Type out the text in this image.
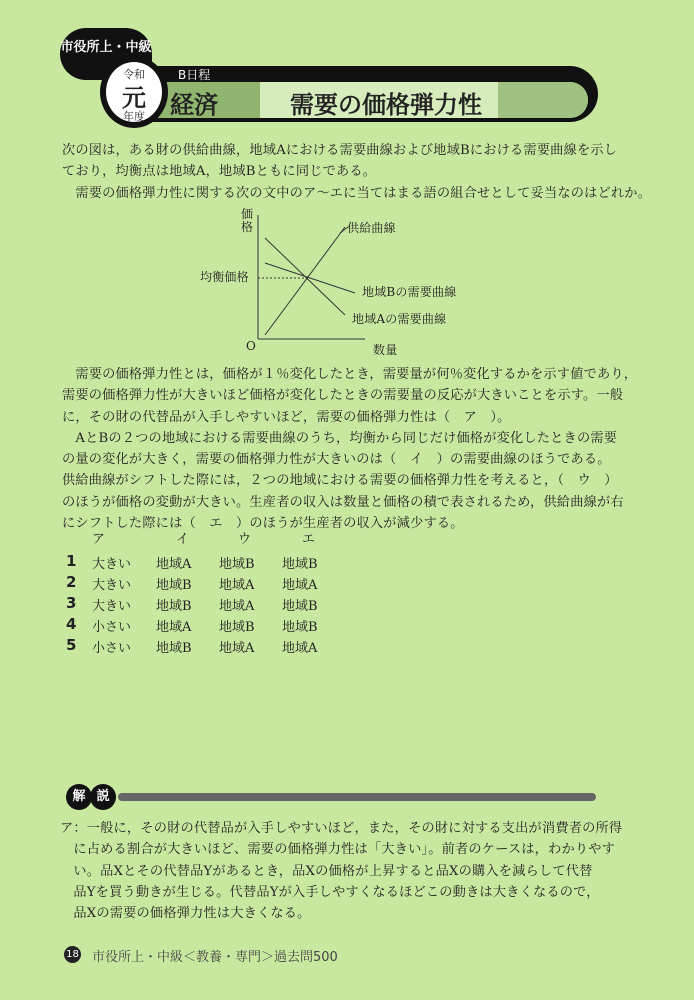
経済	需要の価格弾力性
B日程
市役所上・中級
令和
元
年度
次の図は，ある財の供給曲線，地域Aにおける需要曲線および地域Bにおける需要曲線を示し
ており，均衡点は地域A，地域Bともに同じである。
　需要の価格弾力性に関する次の文中のア～エに当てはまる語の組合せとして妥当なのはどれか。
価格	供給曲線
均衡価格
地域Bの需要曲線
地域Aの需要曲線
O	数量
　需要の価格弾力性とは，価格が１％変化したとき，需要量が何％変化するかを示す値であり，
需要の価格弾力性が大きいほど価格が変化したときの需要量の反応が大きいことを示す。一般
に，その財の代替品が入手しやすいほど，需要の価格弾力性は（　ア　）。
　AとBの２つの地域における需要曲線のうち，均衡から同じだけ価格が変化したときの需要
の量の変化が大きく，需要の価格弾力性が大きいのは（　イ　）の需要曲線のほうである。
供給曲線がシフトした際には，２つの地域における需要の価格弾力性を考えると，（　ウ　）
のほうが価格の変動が大きい。生産者の収入は数量と価格の積で表されるため，供給曲線が右
にシフトした際には（　エ　）のほうが生産者の収入が減少する。
ア	イ	ウ	エ
1 大きい 地域A 地域B 地域B
2 大きい 地域B 地域A 地域A
3 大きい 地域B 地域A 地域B
4 小さい 地域A 地域B 地域B
5 小さい 地域B 地域A 地域A
解 説
ア：一般に，その財の代替品が入手しやすいほど，また，その財に対する支出が消費者の所得
　に占める割合が大きいほど、需要の価格弾力性は「大きい」。前者のケースは，わかりやす
　い。品Xとその代替品Yがあるとき，品Xの価格が上昇すると品Xの購入を減らして代替
　品Yを買う動きが生じる。代替品Yが入手しやすくなるほどこの動きは大きくなるので，
　品Xの需要の価格弾力性は大きくなる。
18 市役所上・中級＜教養・専門＞過去問500
